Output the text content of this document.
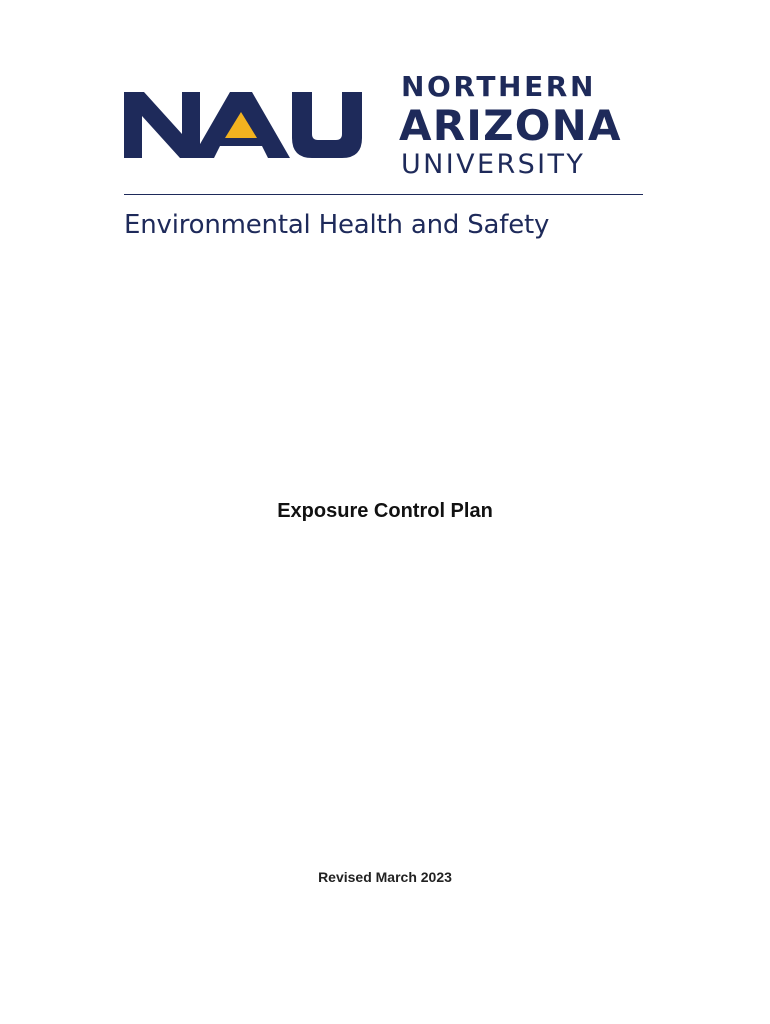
NORTHERN
ARIZONA
UNIVERSITY
Environmental Health and Safety
Exposure Control Plan
Revised March 2023
